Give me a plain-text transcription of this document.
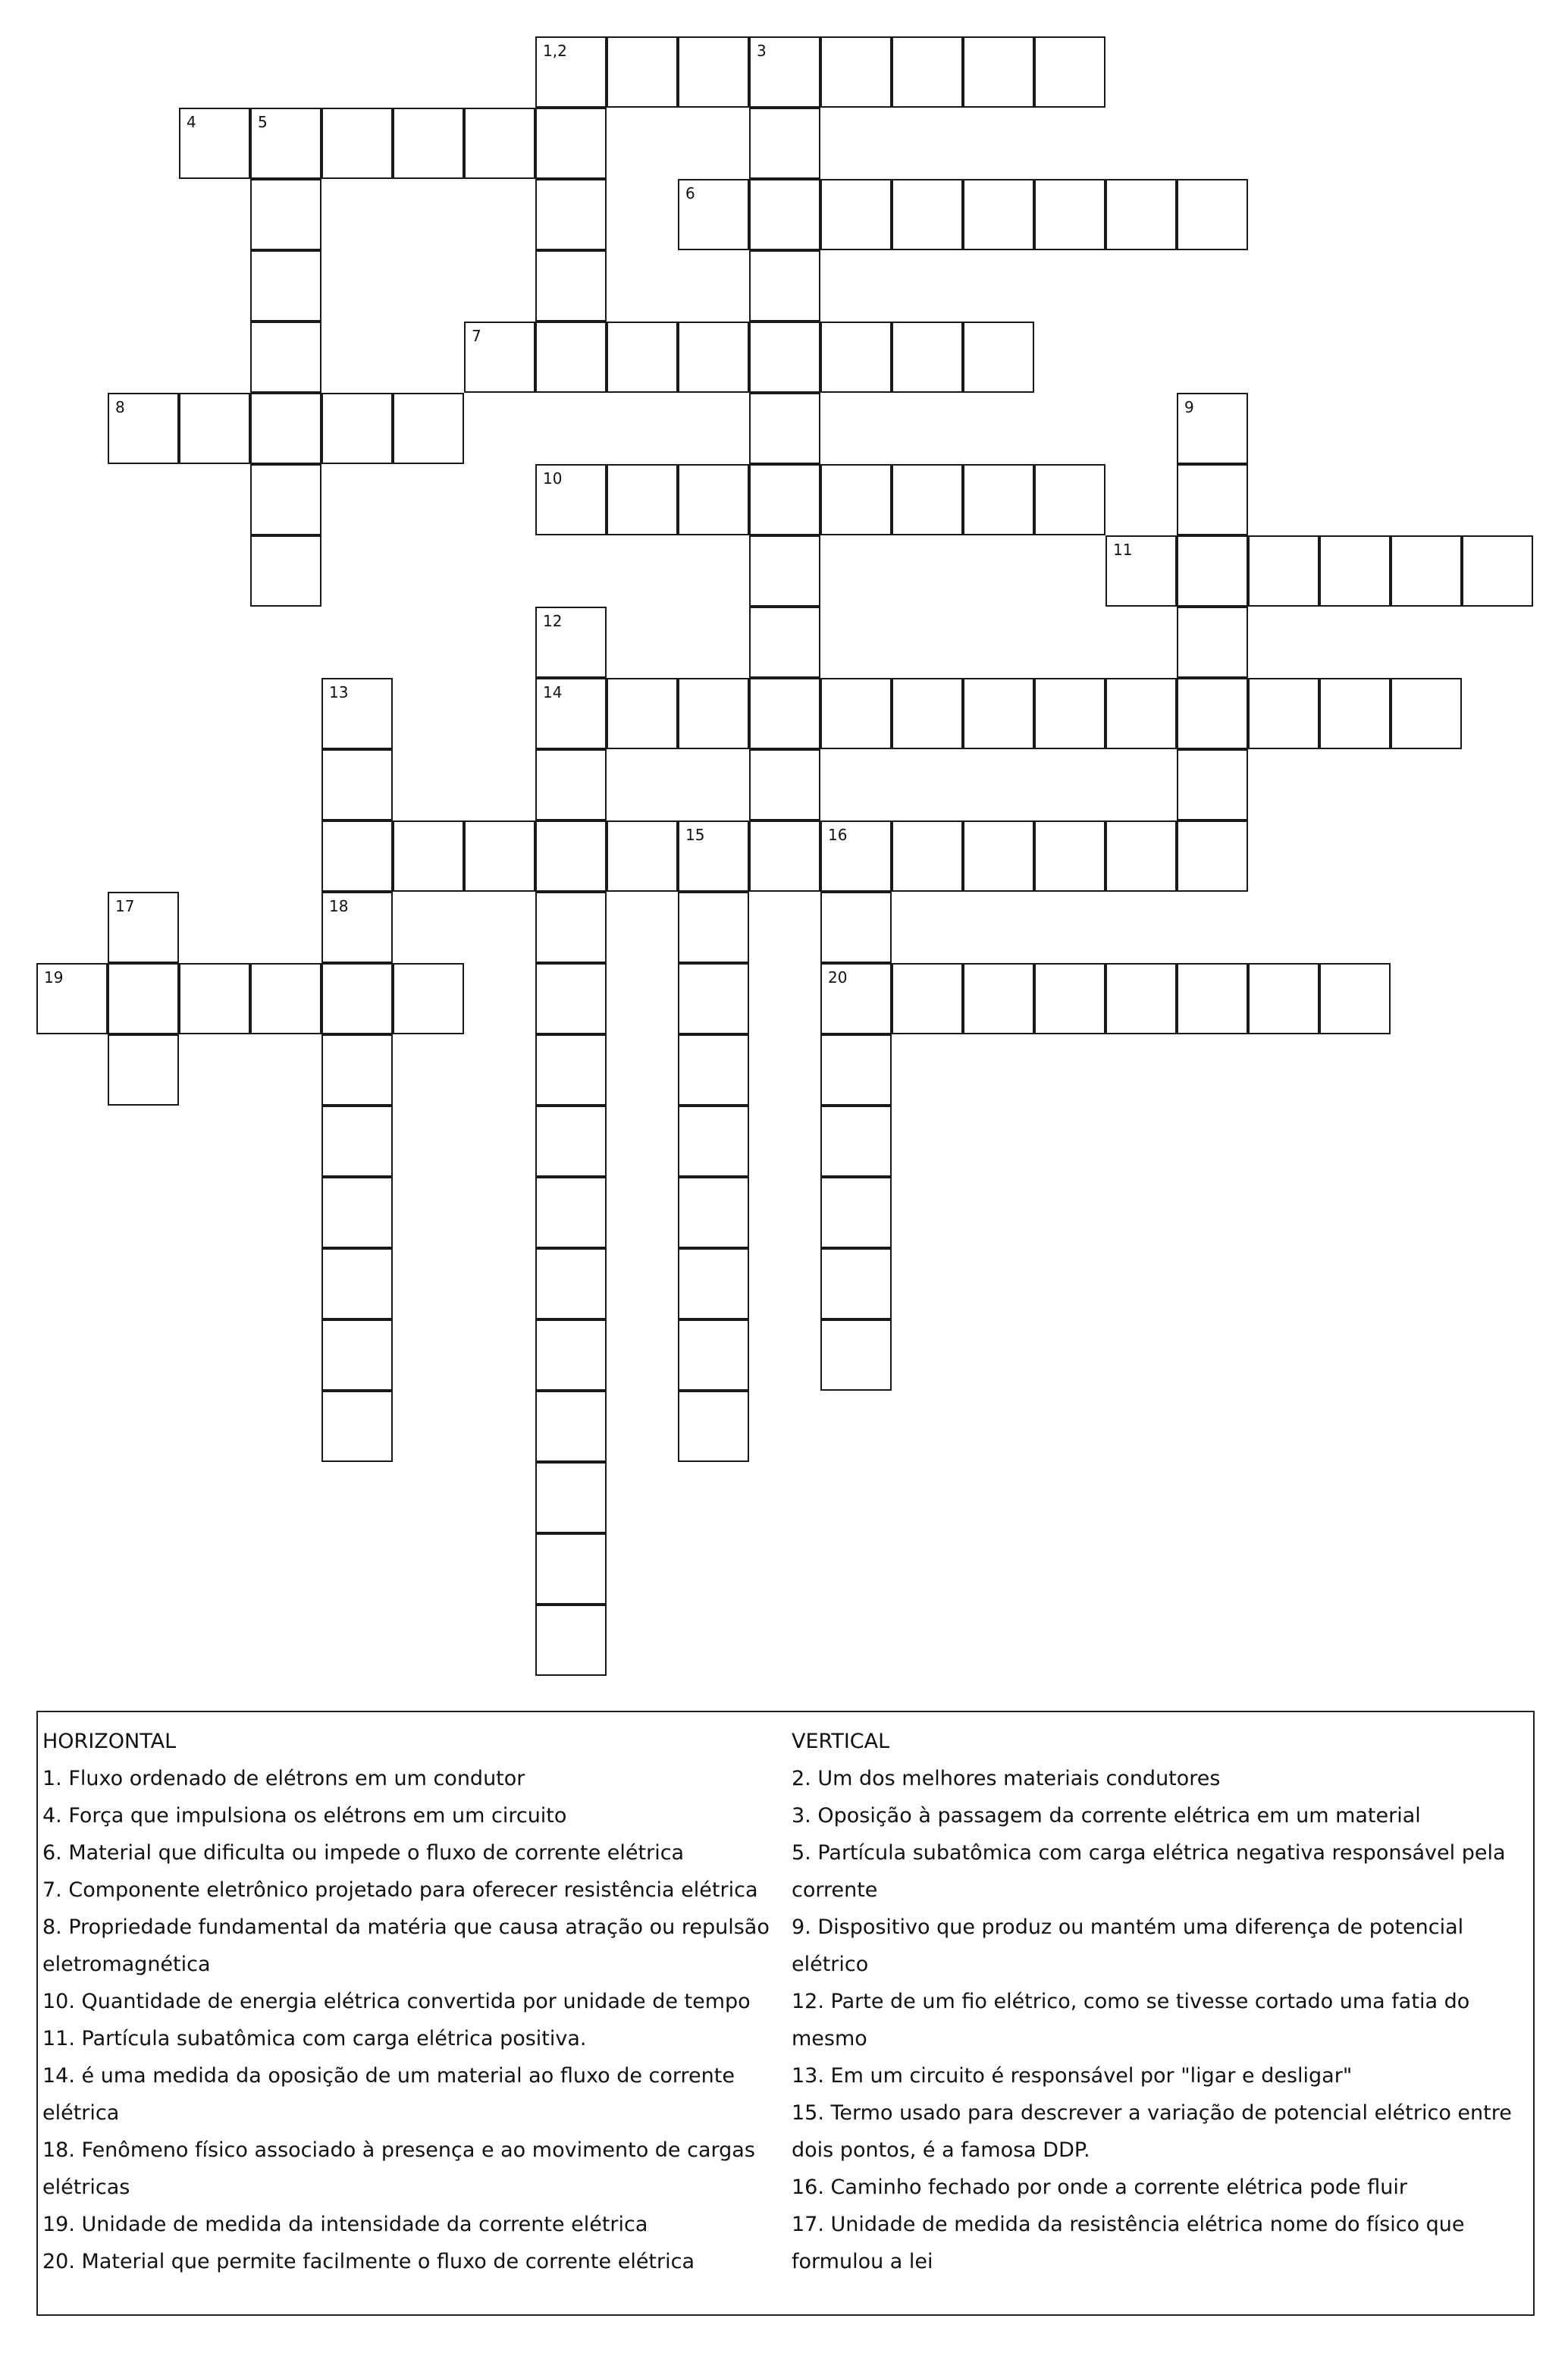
1,2	3
4	5
6
7
8
10
11
14
15	16
19	20
9
12
13
18
17
HORIZONTAL
1. Fluxo ordenado de elétrons em um condutor
4. Força que impulsiona os elétrons em um circuito
6. Material que dificulta ou impede o fluxo de corrente elétrica
7. Componente eletrônico projetado para oferecer resistência elétrica
8. Propriedade fundamental da matéria que causa atração ou repulsão eletromagnética
10. Quantidade de energia elétrica convertida por unidade de tempo
11. Partícula subatômica com carga elétrica positiva.
14. é uma medida da oposição de um material ao fluxo de corrente elétrica
18. Fenômeno físico associado à presença e ao movimento de cargas elétricas
19. Unidade de medida da intensidade da corrente elétrica
20. Material que permite facilmente o fluxo de corrente elétrica
VERTICAL
2. Um dos melhores materiais condutores
3. Oposição à passagem da corrente elétrica em um material
5. Partícula subatômica com carga elétrica negativa responsável pela corrente
9. Dispositivo que produz ou mantém uma diferença de potencial elétrico
12. Parte de um fio elétrico, como se tivesse cortado uma fatia do mesmo
13. Em um circuito é responsável por "ligar e desligar"
15. Termo usado para descrever a variação de potencial elétrico entre dois pontos, é a famosa DDP.
16. Caminho fechado por onde a corrente elétrica pode fluir
17. Unidade de medida da resistência elétrica nome do físico que formulou a lei
